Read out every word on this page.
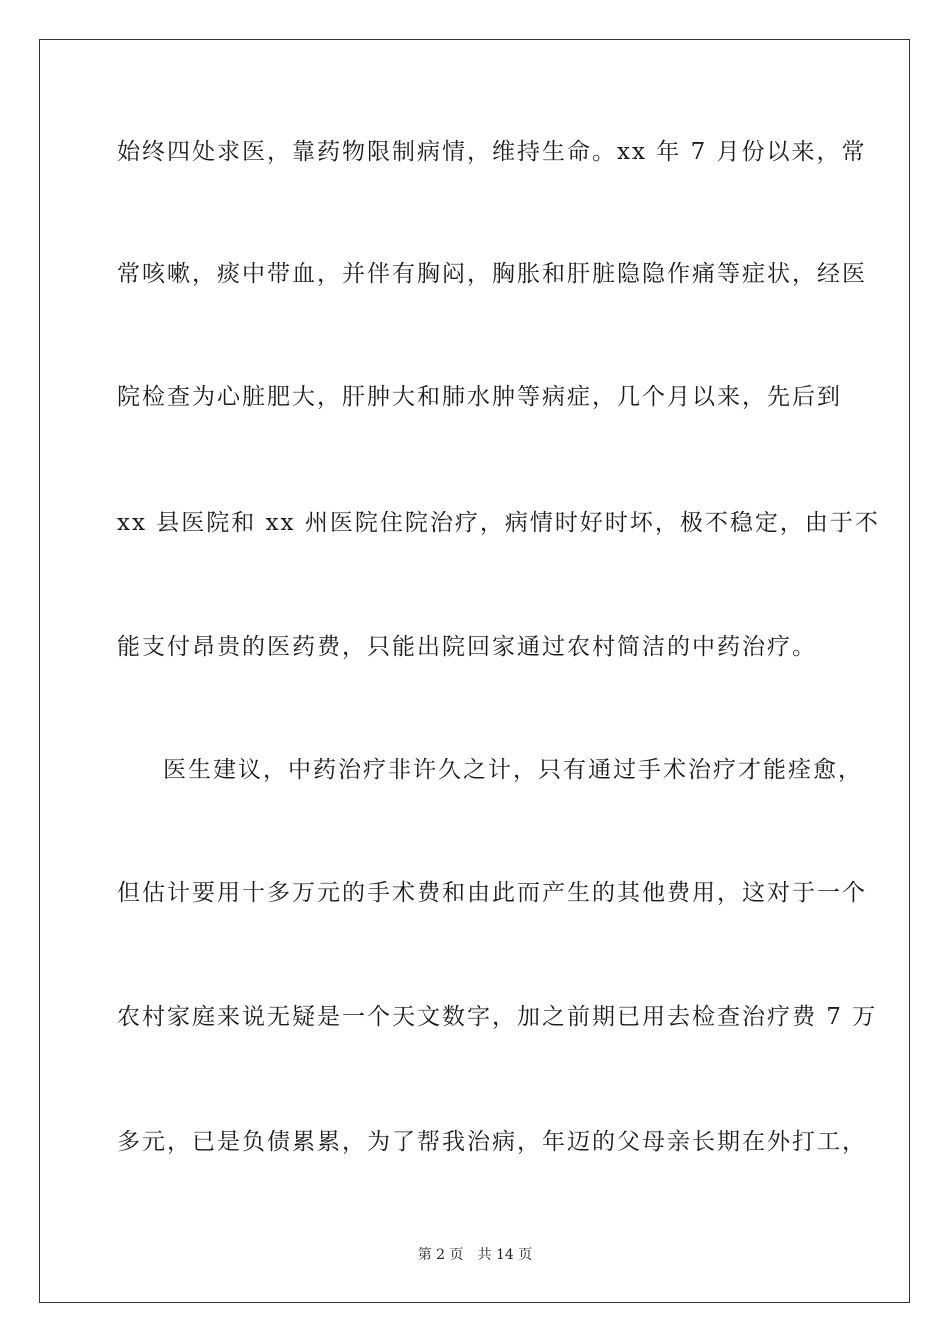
始终四处求医，靠药物限制病情，维持生命。xx 年 7 月份以来，常
常咳嗽，痰中带血，并伴有胸闷，胸胀和肝脏隐隐作痛等症状，经医
院检查为心脏肥大，肝肿大和肺水肿等病症，几个月以来，先后到
xx 县医院和 xx 州医院住院治疗，病情时好时坏，极不稳定，由于不
能支付昂贵的医药费，只能出院回家通过农村简洁的中药治疗。
医生建议，中药治疗非许久之计，只有通过手术治疗才能痊愈，
但估计要用十多万元的手术费和由此而产生的其他费用，这对于一个
农村家庭来说无疑是一个天文数字，加之前期已用去检查治疗费 7 万
多元，已是负债累累，为了帮我治病，年迈的父母亲长期在外打工，
第 2 页 共 14 页
